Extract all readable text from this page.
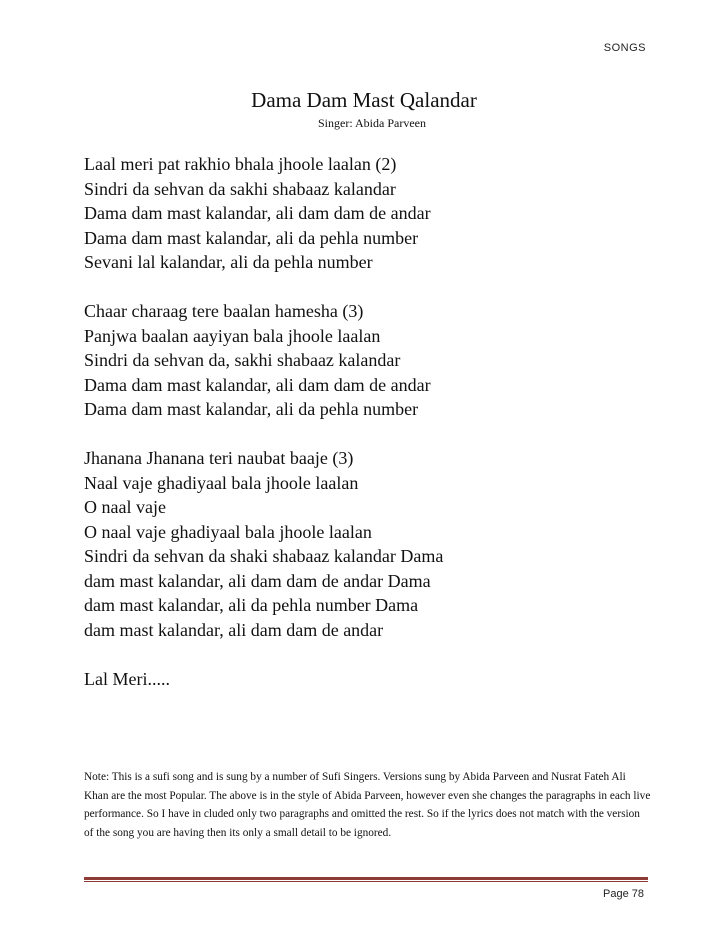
SONGS
Dama Dam Mast Qalandar
Singer: Abida Parveen
Laal meri pat rakhio bhala jhoole laalan (2)
Sindri da sehvan da sakhi shabaaz kalandar
Dama dam mast kalandar, ali dam dam de andar
Dama dam mast kalandar, ali da pehla number
Sevani lal kalandar, ali da pehla number
Chaar charaag tere baalan hamesha (3)
Panjwa baalan aayiyan bala jhoole laalan
Sindri da sehvan da, sakhi shabaaz kalandar
Dama dam mast kalandar, ali dam dam de andar
Dama dam mast kalandar, ali da pehla number
Jhanana Jhanana teri naubat baaje (3)
Naal vaje ghadiyaal bala jhoole laalan
O naal vaje
O naal vaje ghadiyaal bala jhoole laalan
Sindri da sehvan da shaki shabaaz kalandar Dama
dam mast kalandar, ali dam dam de andar Dama
dam mast kalandar, ali da pehla number Dama
dam mast kalandar, ali dam dam de andar
Lal Meri.....
Note: This is a sufi song and is sung by a number of Sufi Singers. Versions sung by Abida Parveen and Nusrat Fateh Ali Khan are the most Popular. The above is in the style of Abida Parveen, however even she changes the paragraphs in each live performance. So I have in cluded only two paragraphs and omitted the rest. So if the lyrics does not match with the version of the song you are having then its only a small detail to be ignored.
Page 78
